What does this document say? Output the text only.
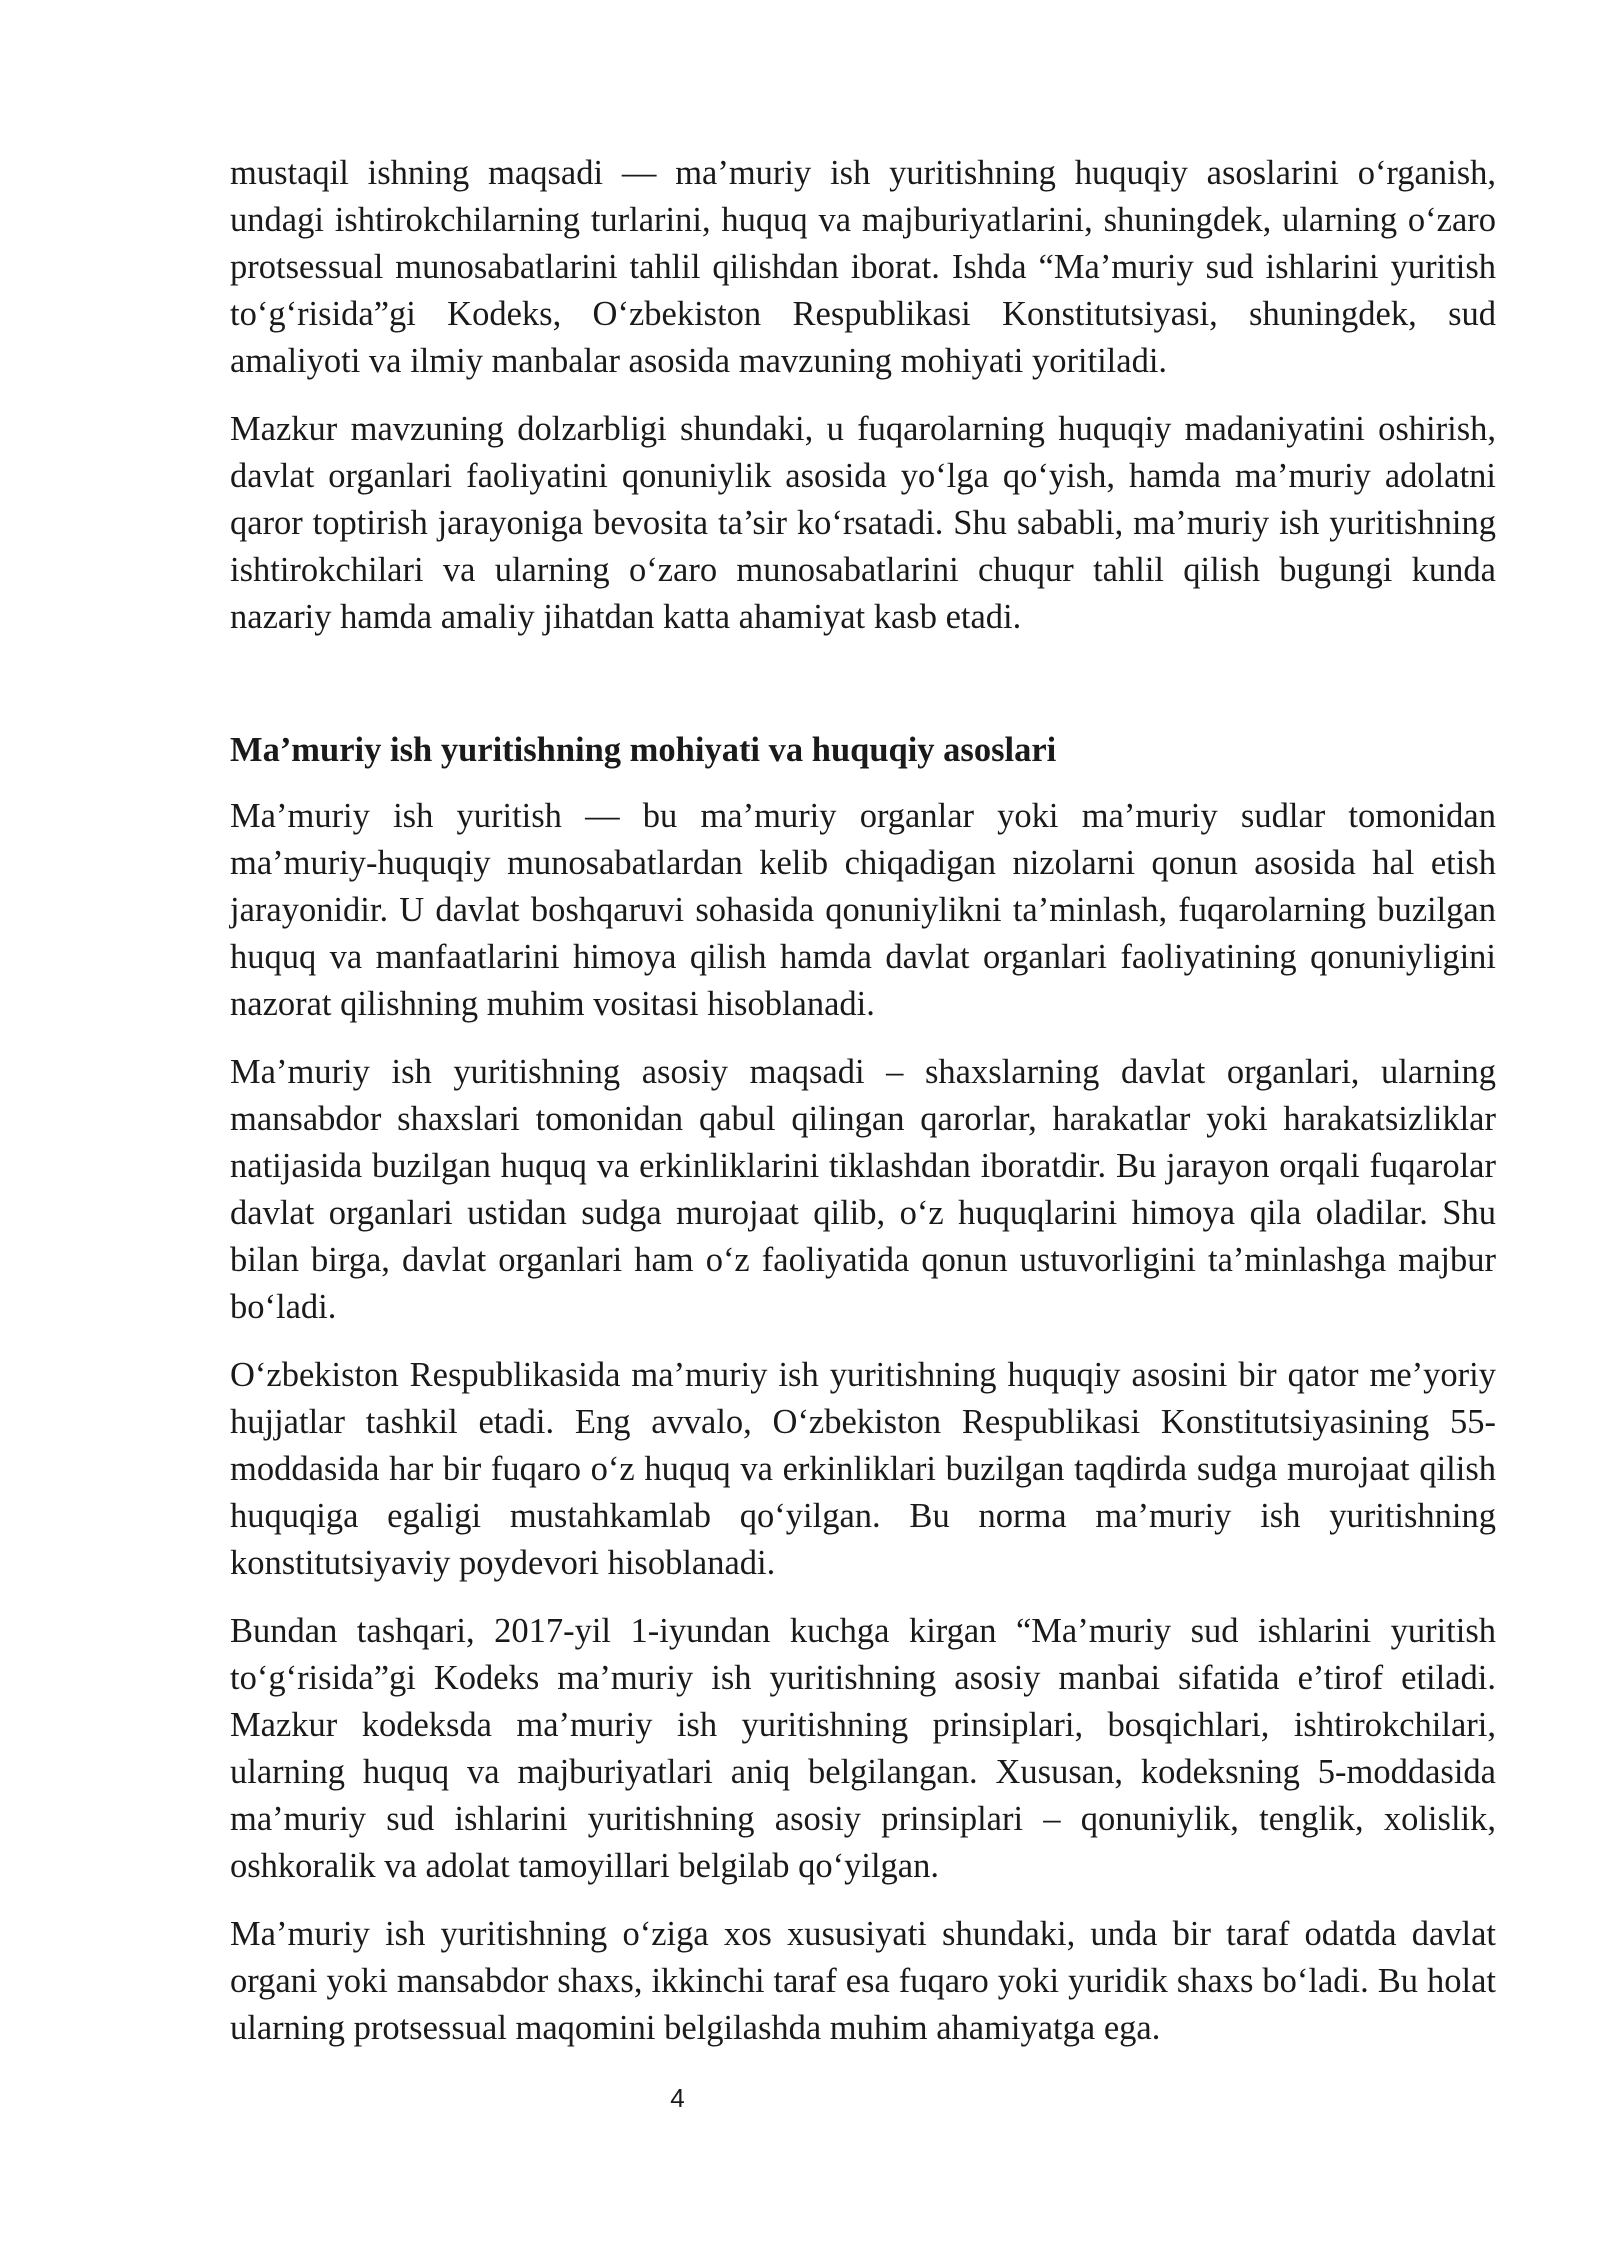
mustaqil ishning maqsadi — ma’muriy ish yuritishning huquqiy asoslarini o‘rganish, undagi ishtirokchilarning turlarini, huquq va majburiyatlarini, shuningdek, ularning o‘zaro protsessual munosabatlarini tahlil qilishdan iborat. Ishda “Ma’muriy sud ishlarini yuritish to‘g‘risida”gi Kodeks, O‘zbekiston Respublikasi Konstitutsiyasi, shuningdek, sud amaliyoti va ilmiy manbalar asosida mavzuning mohiyati yoritiladi.

Mazkur mavzuning dolzarbligi shundaki, u fuqarolarning huquqiy madaniyatini oshirish, davlat organlari faoliyatini qonuniylik asosida yo‘lga qo‘yish, hamda ma’muriy adolatni qaror toptirish jarayoniga bevosita ta’sir ko‘rsatadi. Shu sababli, ma’muriy ish yuritishning ishtirokchilari va ularning o‘zaro munosabatlarini chuqur tahlil qilish bugungi kunda nazariy hamda amaliy jihatdan katta ahamiyat kasb etadi.

Ma’muriy ish yuritishning mohiyati va huquqiy asoslari

Ma’muriy ish yuritish — bu ma’muriy organlar yoki ma’muriy sudlar tomonidan ma’muriy-huquqiy munosabatlardan kelib chiqadigan nizolarni qonun asosida hal etish jarayonidir. U davlat boshqaruvi sohasida qonuniylikni ta’minlash, fuqarolarning buzilgan huquq va manfaatlarini himoya qilish hamda davlat organlari faoliyatining qonuniyligini nazorat qilishning muhim vositasi hisoblanadi.

Ma’muriy ish yuritishning asosiy maqsadi – shaxslarning davlat organlari, ularning mansabdor shaxslari tomonidan qabul qilingan qarorlar, harakatlar yoki harakatsizliklar natijasida buzilgan huquq va erkinliklarini tiklashdan iboratdir. Bu jarayon orqali fuqarolar davlat organlari ustidan sudga murojaat qilib, o‘z huquqlarini himoya qila oladilar. Shu bilan birga, davlat organlari ham o‘z faoliyatida qonun ustuvorligini ta’minlashga majbur bo‘ladi.

O‘zbekiston Respublikasida ma’muriy ish yuritishning huquqiy asosini bir qator me’yoriy hujjatlar tashkil etadi. Eng avvalo, O‘zbekiston Respublikasi Konstitutsiyasining 55-moddasida har bir fuqaro o‘z huquq va erkinliklari buzilgan taqdirda sudga murojaat qilish huquqiga egaligi mustahkamlab qo‘yilgan. Bu norma ma’muriy ish yuritishning konstitutsiyaviy poydevori hisoblanadi.

Bundan tashqari, 2017-yil 1-iyundan kuchga kirgan “Ma’muriy sud ishlarini yuritish to‘g‘risida”gi Kodeks ma’muriy ish yuritishning asosiy manbai sifatida e’tirof etiladi. Mazkur kodeksda ma’muriy ish yuritishning prinsiplari, bosqichlari, ishtirokchilari, ularning huquq va majburiyatlari aniq belgilangan. Xususan, kodeksning 5-moddasida ma’muriy sud ishlarini yuritishning asosiy prinsiplari – qonuniylik, tenglik, xolislik, oshkoralik va adolat tamoyillari belgilab qo‘yilgan.

Ma’muriy ish yuritishning o‘ziga xos xususiyati shundaki, unda bir taraf odatda davlat organi yoki mansabdor shaxs, ikkinchi taraf esa fuqaro yoki yuridik shaxs bo‘ladi. Bu holat ularning protsessual maqomini belgilashda muhim ahamiyatga ega.

4
